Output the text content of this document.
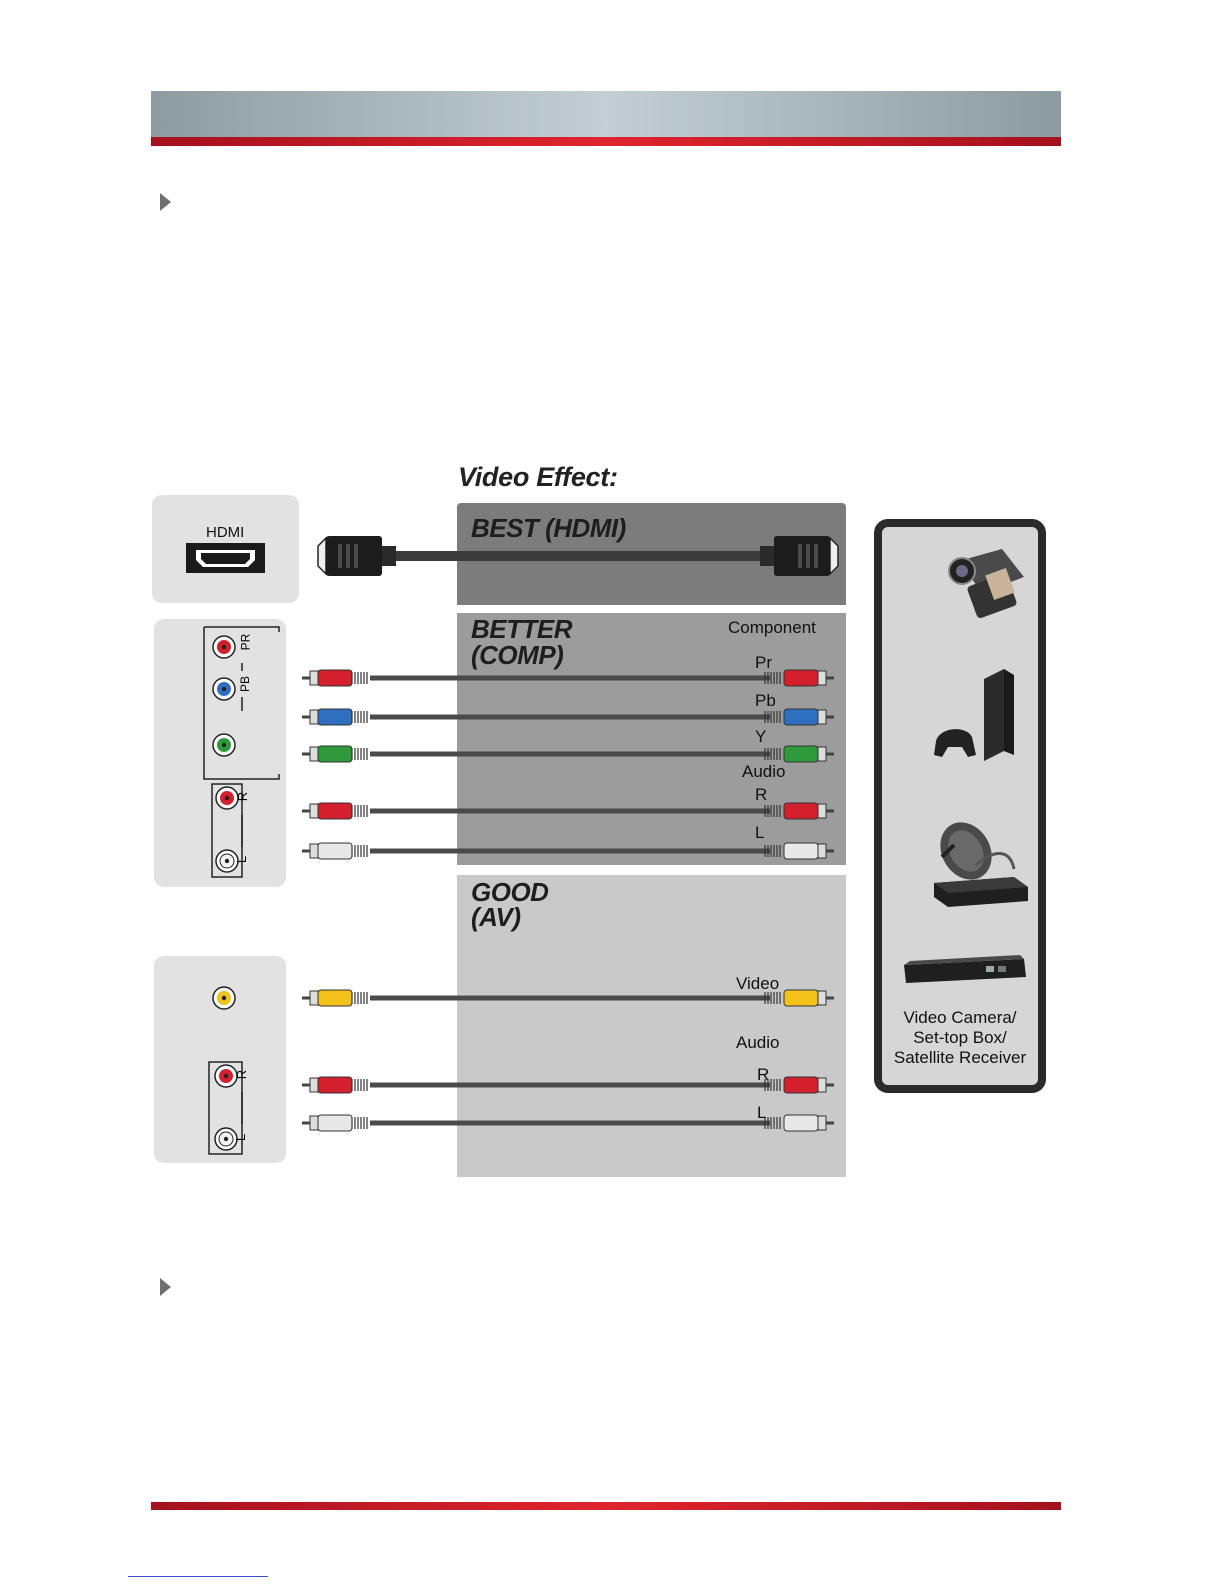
Video Effect:
BEST (HDMI)
BETTER
(COMP)
Component
Pr
Pb
Y
Audio
R
L
GOOD
(AV)
Video
Audio
R
L
HDMI
PR
PB
R
L
R
L
Video Camera/
Set-top Box/
Satellite Receiver
